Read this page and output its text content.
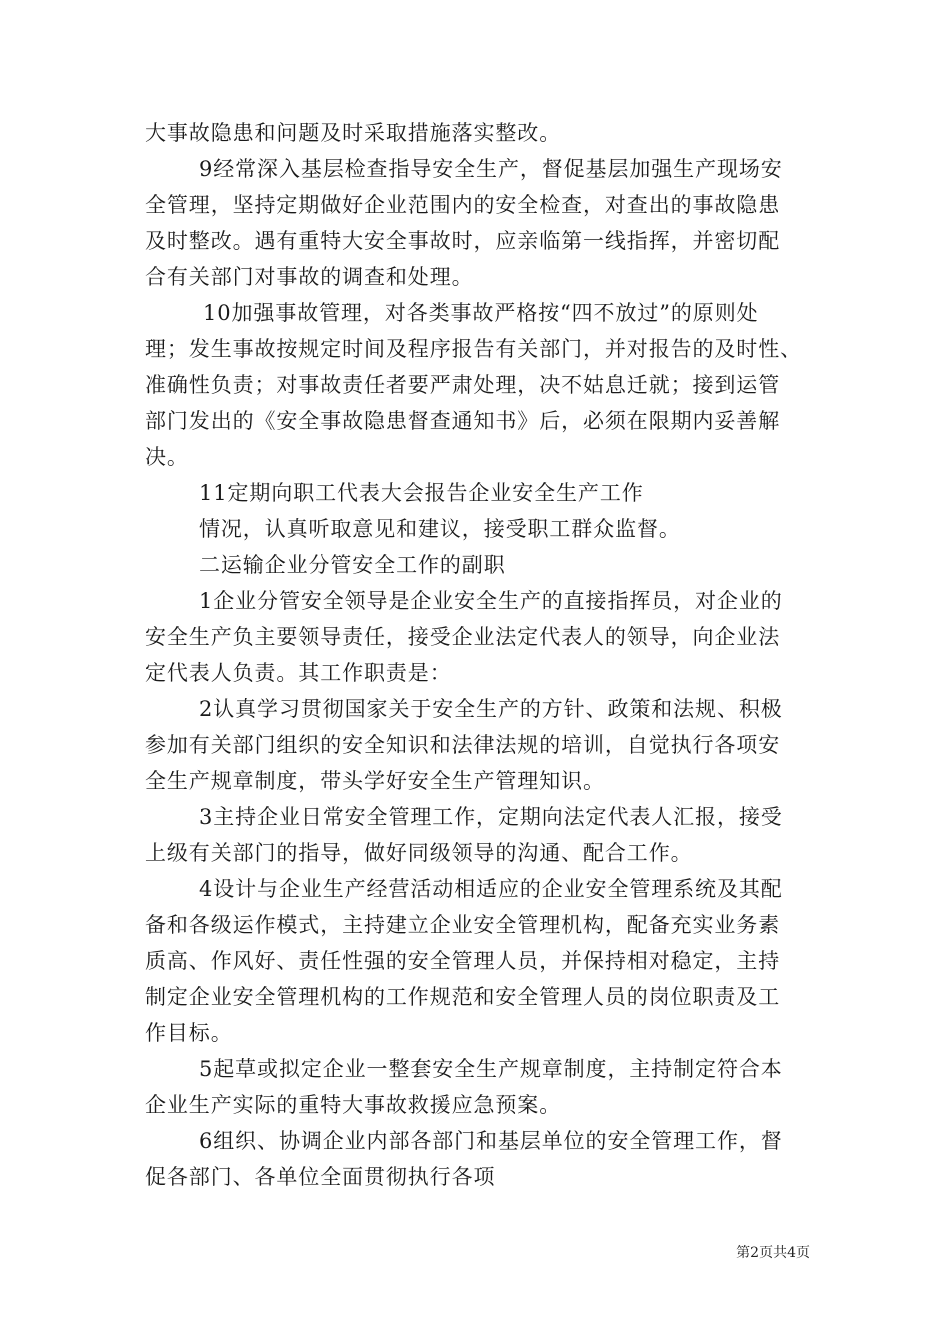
大事故隐患和问题及时采取措施落实整改。
9经常深入基层检查指导安全生产，督促基层加强生产现场安
全管理，坚持定期做好企业范围内的安全检查，对查出的事故隐患
及时整改。遇有重特大安全事故时，应亲临第一线指挥，并密切配
合有关部门对事故的调查和处理。
10加强事故管理，对各类事故严格按“四不放过”的原则处
理；发生事故按规定时间及程序报告有关部门，并对报告的及时性、
准确性负责；对事故责任者要严肃处理，决不姑息迁就；接到运管
部门发出的《安全事故隐患督查通知书》后，必须在限期内妥善解
决。
11定期向职工代表大会报告企业安全生产工作
情况，认真听取意见和建议，接受职工群众监督。
二运输企业分管安全工作的副职
1企业分管安全领导是企业安全生产的直接指挥员，对企业的
安全生产负主要领导责任，接受企业法定代表人的领导，向企业法
定代表人负责。其工作职责是：
2认真学习贯彻国家关于安全生产的方针、政策和法规、积极
参加有关部门组织的安全知识和法律法规的培训，自觉执行各项安
全生产规章制度，带头学好安全生产管理知识。
3主持企业日常安全管理工作，定期向法定代表人汇报，接受
上级有关部门的指导，做好同级领导的沟通、配合工作。
4设计与企业生产经营活动相适应的企业安全管理系统及其配
备和各级运作模式，主持建立企业安全管理机构，配备充实业务素
质高、作风好、责任性强的安全管理人员，并保持相对稳定，主持
制定企业安全管理机构的工作规范和安全管理人员的岗位职责及工
作目标。
5起草或拟定企业一整套安全生产规章制度，主持制定符合本
企业生产实际的重特大事故救援应急预案。
6组织、协调企业内部各部门和基层单位的安全管理工作，督
促各部门、各单位全面贯彻执行各项
第2页共4页
